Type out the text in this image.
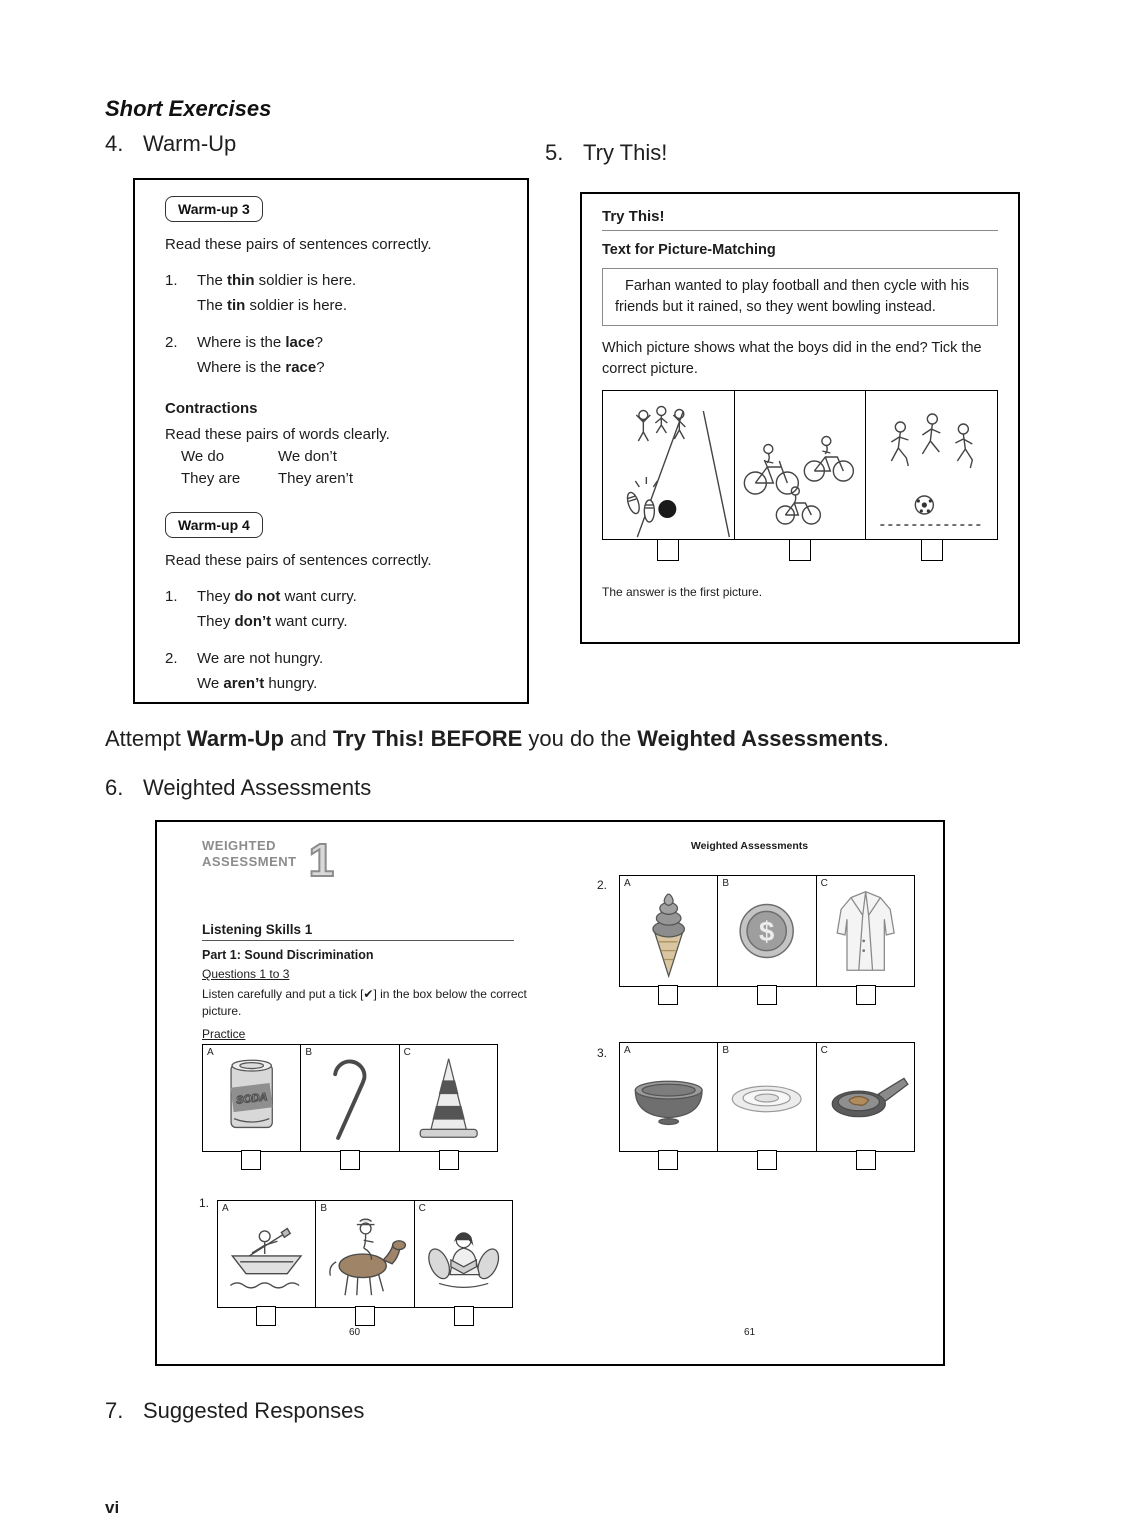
Short Exercises
4. Warm-Up	5. Try This!
Warm-up 3
Read these pairs of sentences correctly.
1.	The thin soldier is here.
The tin soldier is here.
2.	Where is the lace?
Where is the race?
Contractions
Read these pairs of words clearly.
We do	We don’t
They are	They aren’t
Warm-up 4
Read these pairs of sentences correctly.
1.	They do not want curry.
They don’t want curry.
2.	We are not hungry.
We aren’t hungry.
Try This!
Text for Picture-Matching
Farhan wanted to play football and then cycle with his friends but it rained, so they went bowling instead.
Which picture shows what the boys did in the end? Tick the correct picture.
The answer is the first picture.
Attempt Warm-Up and Try This! BEFORE you do the Weighted Assessments.
6. Weighted Assessments
WEIGHTED
ASSESSMENT 1
Listening Skills 1
Part 1: Sound Discrimination
Questions 1 to 3
Listen carefully and put a tick [✔] in the box below the correct picture.
Practice
A
SODA
B	C
1. A	B	C
60
Weighted Assessments
2. A	B
$
C
3. A	B	C
61
7. Suggested Responses
vi
